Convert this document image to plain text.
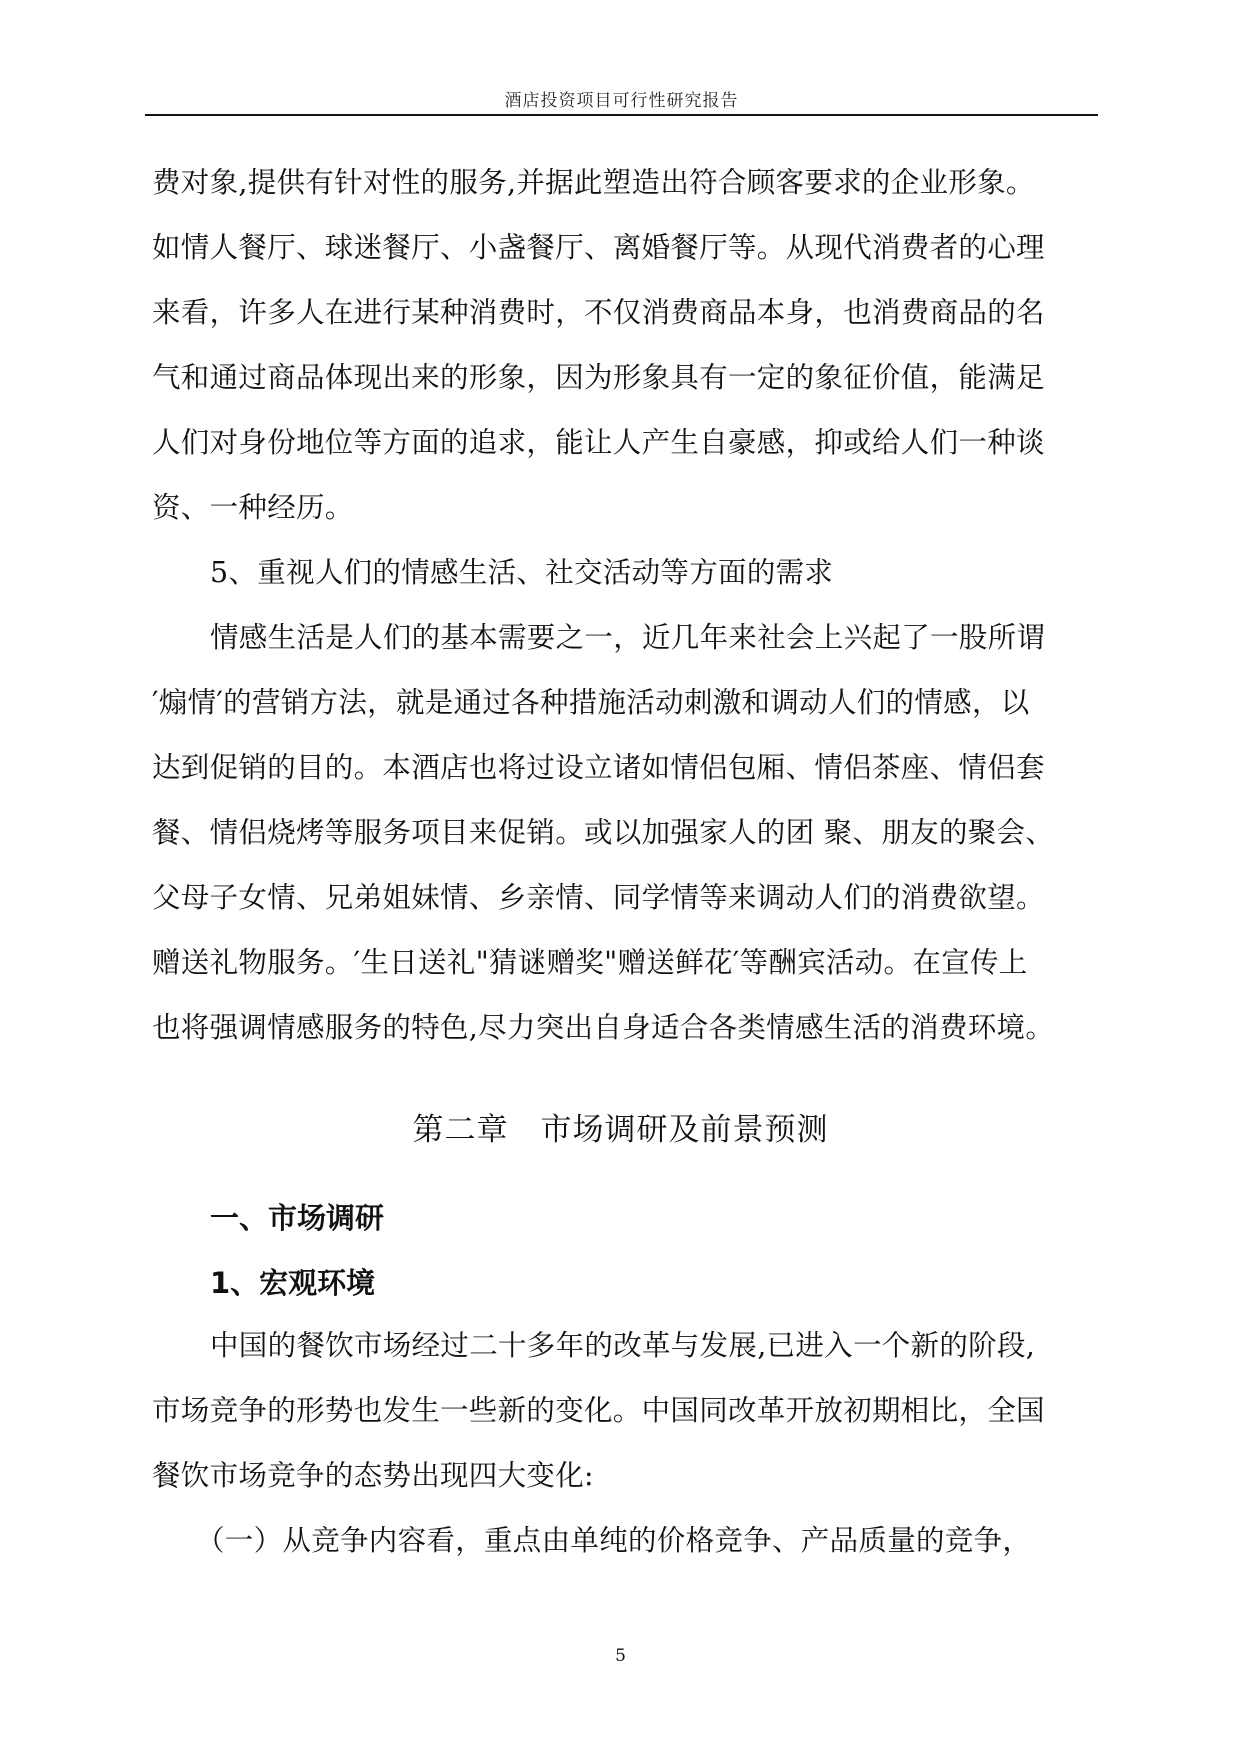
酒店投资项目可行性研究报告
费对象,提供有针对性的服务,并据此塑造出符合顾客要求的企业形象。
如情人餐厅、球迷餐厅、小盏餐厅、离婚餐厅等。从现代消费者的心理
来看，许多人在进行某种消费时，不仅消费商品本身，也消费商品的名
气和通过商品体现出来的形象，因为形象具有一定的象征价值，能满足
人们对身份地位等方面的追求，能让人产生自豪感，抑或给人们一种谈
资、一种经历。
5、重视人们的情感生活、社交活动等方面的需求
情感生活是人们的基本需要之一，近几年来社会上兴起了一股所谓
′煽情′的营销方法，就是通过各种措施活动刺激和调动人们的情感，以
达到促销的目的。本酒店也将过设立诸如情侣包厢、情侣茶座、情侣套
餐、情侣烧烤等服务项目来促销。或以加强家人的团 聚、朋友的聚会、
父母子女情、兄弟姐妹情、乡亲情、同学情等来调动人们的消费欲望。
赠送礼物服务。′生日送礼"猜谜赠奖"赠送鲜花′等酬宾活动。在宣传上
也将强调情感服务的特色,尽力突出自身适合各类情感生活的消费环境。
第二章　市场调研及前景预测
一、市场调研
1、宏观环境
中国的餐饮市场经过二十多年的改革与发展,已进入一个新的阶段,
市场竞争的形势也发生一些新的变化。中国同改革开放初期相比，全国
餐饮市场竞争的态势出现四大变化:
（一）从竞争内容看，重点由单纯的价格竞争、产品质量的竞争，
5
